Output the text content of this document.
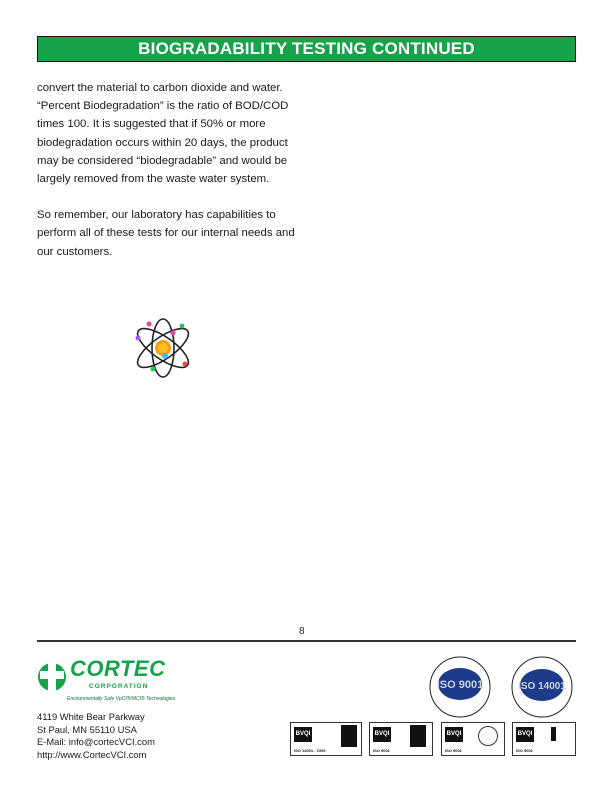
BIOGRADABILITY TESTING CONTINUED

convert the material to carbon dioxide and water. “Percent Biodegradation” is the ratio of BOD/COD times 100. It is suggested that if 50% or more biodegradation occurs within 20 days, the product may be considered “biodegradable” and would be largely removed from the waste water system.

So remember, our laboratory has capabilities to perform all of these tests for our internal needs and our customers.

8
CORTEC
CORPORATION
Environmentally Safe VpCI®/MCI® Technologies
4119 White Bear Parkway
St Paul, MN 55110 USA
E-Mail: info@cortecVCI.com
http://www.CortecVCI.com
ISO 9001	ISO 14001
BVQI
ISO 14001 : 1996
BVQI
ISO 9001
BVQI
ISO 9001
BVQI
ISO 9001
